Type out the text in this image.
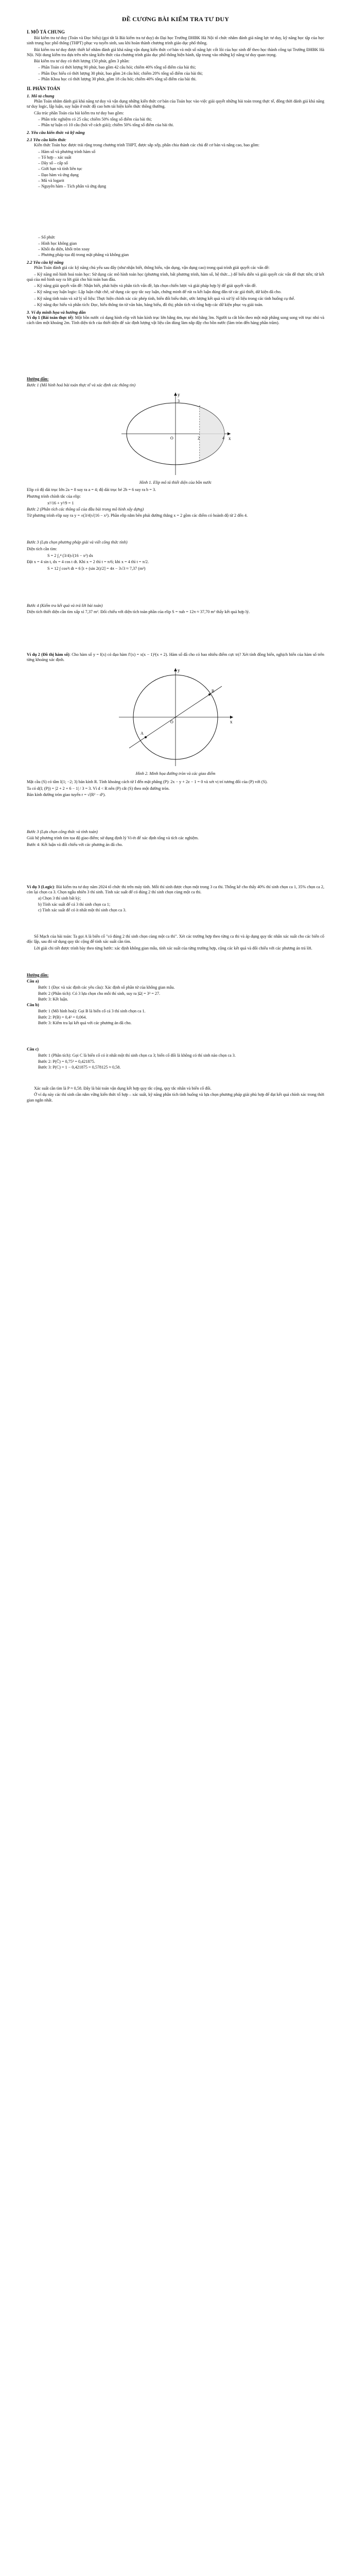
ĐỀ CƯƠNG BÀI KIỂM TRA TƯ DUY
I. MÔ TẢ CHUNG
Bài kiểm tra tư duy (Toán và Đọc hiểu) (gọi tắt là Bài kiểm tra tư duy) do Đại học Trường ĐHBK Hà Nội tổ chức nhằm đánh giá năng lực tư duy, kỹ năng học tập của học sinh trung học phổ thông (THPT) phục vụ tuyển sinh, sau khi hoàn thành chương trình giáo dục phổ thông.
Bài kiểm tra tư duy được thiết kế nhằm đánh giá khả năng vận dụng kiến thức cơ bản và một số năng lực cốt lõi của học sinh để theo học thành công tại Trường ĐHBK Hà Nội. Nội dung kiểm tra dựa trên nền tảng kiến thức của chương trình giáo dục phổ thông hiện hành, tập trung vào những kỹ năng tư duy quan trọng.
Bài kiểm tra tư duy có thời lượng 150 phút, gồm 3 phần:
– Phần Toán có thời lượng 90 phút, bao gồm 42 câu hỏi; chiếm 40% tổng số điểm của bài thi;
– Phần Đọc hiểu có thời lượng 30 phút, bao gồm 24 câu hỏi; chiếm 20% tổng số điểm của bài thi;
– Phần Khoa học có thời lượng 30 phút, gồm 18 câu hỏi; chiếm 40% tổng số điểm của bài thi.
II. PHẦN TOÁN
1. Mô tả chung
Phần Toán nhằm đánh giá khả năng tư duy và vận dụng những kiến thức cơ bản của Toán học vào việc giải quyết những bài toán trong thực tế, đồng thời đánh giá khả năng tư duy logic, lập luận, suy luận ở mức độ cao hơn tái hiện kiến thức thông thường.
Cấu trúc phần Toán của bài kiểm tra tư duy bao gồm:
– Phần trắc nghiệm có 25 câu; chiếm 50% tổng số điểm của bài thi;
– Phần tự luận có 10 câu (hỏi về cách giải); chiếm 50% tổng số điểm của bài thi.
2. Yêu cầu kiến thức và kỹ năng
2.1 Yêu cầu kiến thức
Kiến thức Toán học được trải rộng trong chương trình THPT, được sắp xếp, phân chia thành các chủ đề cơ bản và nâng cao, bao gồm:
– Hàm số và phương trình hàm số
– Tổ hợp – xác suất
– Dãy số – cấp số
– Giới hạn và tính liên tục
– Đạo hàm và ứng dụng
– Mũ và logarit
– Nguyên hàm – Tích phân và ứng dụng
– Số phức
– Hình học không gian
– Khối đa diện, khối tròn xoay
– Phương pháp tọa độ trong mặt phẳng và không gian
2.2 Yêu cầu kỹ năng
Phần Toán đánh giá các kỹ năng chủ yếu sau đây (như nhận biết, thông hiểu, vận dụng, vận dụng cao) trong quá trình giải quyết các vấn đề:
– Kỹ năng mô hình hoá toán học: Sử dụng các mô hình toán học (phương trình, bất phương trình, hàm số, hệ thức...) để biểu diễn và giải quyết các vấn đề thực tiễn; từ kết quả của mô hình suy ra lời giải cho bài toán ban đầu.
– Kỹ năng giải quyết vấn đề: Nhận biết, phát hiện và phân tích vấn đề, lựa chọn chiến lược và giải pháp hợp lý để giải quyết vấn đề.
– Kỹ năng suy luận logic: Lập luận chặt chẽ, sử dụng các quy tắc suy luận, chứng minh để rút ra kết luận đúng đắn từ các giả thiết, dữ kiện đã cho.
– Kỹ năng tính toán và xử lý số liệu: Thực hiện chính xác các phép tính, biến đổi biểu thức, ước lượng kết quả và xử lý số liệu trong các tình huống cụ thể.
– Kỹ năng đọc hiểu và phân tích: Đọc, hiểu thông tin từ văn bản, bảng biểu, đồ thị; phân tích và tổng hợp các dữ kiện phục vụ giải toán.
3. Ví dụ minh họa và hướng dẫn
Ví dụ 1 (Bài toán thực tế): Một bồn nước có dạng hình elip với bán kính trục lớn bằng 4m, trục nhỏ bằng 3m. Người ta cắt bồn theo một mặt phẳng song song với trục nhỏ và cách tâm một khoảng 2m. Tính diện tích của thiết diện để xác định lượng vật liệu cần dùng làm nắp đậy cho bồn nước (làm tròn đến hàng phần trăm).
Hướng dẫn:
Bước 1 (Mô hình hoá bài toán thực tế và xác định các thông tin)
x
y
O	2	4
3
Hình 1. Elip mô tả thiết diện của bồn nước
Elip có độ dài trục lớn 2a = 8 suy ra a = 4; độ dài trục bé 2b = 6 suy ra b = 3.
Phương trình chính tắc của elip:
x²/16 + y²/9 = 1
Bước 2 (Phân tích các thông số của đầu bài trong mô hình xây dựng)
Từ phương trình elip suy ra y = ±(3/4)√(16 − x²). Phần elip nằm bên phải đường thẳng x = 2 gồm các điểm có hoành độ từ 2 đến 4.
Bước 3 (Lựa chọn phương pháp giải và viết công thức tính)
Diện tích cần tìm:
S = 2 ∫₂⁴ (3/4)√(16 − x²) dx
Đặt x = 4 sin t, dx = 4 cos t dt. Khi x = 2 thì t = π/6; khi x = 4 thì t = π/2.
S = 12 ∫ cos²t dt = 6 [t + (sin 2t)/2] = 4π − 3√3 ≈ 7,37 (m²)
Bước 4 (Kiểm tra kết quả và trả lời bài toán)
Diện tích thiết diện cần tìm xấp xỉ 7,37 m². Đối chiếu với diện tích toàn phần của elip S = πab = 12π ≈ 37,70 m² thấy kết quả hợp lý.
Ví dụ 2 (Đồ thị hàm số): Cho hàm số y = f(x) có đạo hàm f′(x) = x(x − 1)²(x + 2). Hàm số đã cho có bao nhiêu điểm cực trị? Xét tính đồng biến, nghịch biến của hàm số trên từng khoảng xác định.
x
y
O
A
B
Hình 2. Minh họa đường tròn và các giao điểm
Mặt cầu (S) có tâm I(1; −2; 3) bán kính R. Tính khoảng cách từ I đến mặt phẳng (P): 2x − y + 2z − 1 = 0 và xét vị trí tương đối của (P) với (S).
Ta có d(I; (P)) = |2 + 2 + 6 − 1| / 3 = 3. Vì d < R nên (P) cắt (S) theo một đường tròn.
Bán kính đường tròn giao tuyến r = √(R² − d²).
Bước 3 (Lựa chọn công thức và tính toán)
Giải hệ phương trình tìm tọa độ giao điểm; sử dụng định lý Vi-ét để xác định tổng và tích các nghiệm.
Bước 4: Kết luận và đối chiếu với các phương án đã cho.
Ví dụ 3 (Logic): Bài kiểm tra tư duy năm 2024 tổ chức thi trên máy tính. Mỗi thí sinh được chọn một trong 3 ca thi. Thống kê cho thấy 40% thí sinh chọn ca 1, 35% chọn ca 2, còn lại chọn ca 3. Chọn ngẫu nhiên 3 thí sinh. Tính xác suất để có đúng 2 thí sinh chọn cùng một ca thi.
a) Chọn 3 thí sinh bất kỳ;
b) Tính xác suất để cả 3 thí sinh chọn ca 1;
c) Tính xác suất để có ít nhất một thí sinh chọn ca 3.
Số Mạch của bài toán: Ta gọi A là biến cố "có đúng 2 thí sinh chọn cùng một ca thi". Xét các trường hợp theo từng ca thi và áp dụng quy tắc nhân xác suất cho các biến cố độc lập, sau đó sử dụng quy tắc cộng để tính xác suất cần tìm.
Lời giải chi tiết được trình bày theo từng bước: xác định không gian mẫu, tính xác suất của từng trường hợp, cộng các kết quả và đối chiếu với các phương án trả lời.
Hướng dẫn:
Câu a)
Bước 1 (Đọc và xác định các yêu cầu): Xác định số phần tử của không gian mẫu.
Bước 2 (Phân tích): Có 3 lựa chọn cho mỗi thí sinh, suy ra |Ω| = 3³ = 27.
Bước 3: Kết luận.
Câu b)
Bước 1 (Mô hình hoá): Gọi B là biến cố cả 3 thí sinh chọn ca 1.
Bước 2: P(B) = 0,4³ = 0,064.
Bước 3: Kiểm tra lại kết quả với các phương án đã cho.
Câu c)
Bước 1 (Phân tích): Gọi C là biến cố có ít nhất một thí sinh chọn ca 3; biến cố đối là không có thí sinh nào chọn ca 3.
Bước 2: P(C̄) = 0,75³ = 0,421875.
Bước 3: P(C) = 1 − 0,421875 = 0,578125 ≈ 0,58.
Xác suất cần tìm là P ≈ 0,58. Đây là bài toán vận dụng kết hợp quy tắc cộng, quy tắc nhân và biến cố đối.
Ở ví dụ này các thí sinh cần nắm vững kiến thức tổ hợp – xác suất, kỹ năng phân tích tình huống và lựa chọn phương pháp giải phù hợp để đạt kết quả chính xác trong thời gian ngắn nhất.
